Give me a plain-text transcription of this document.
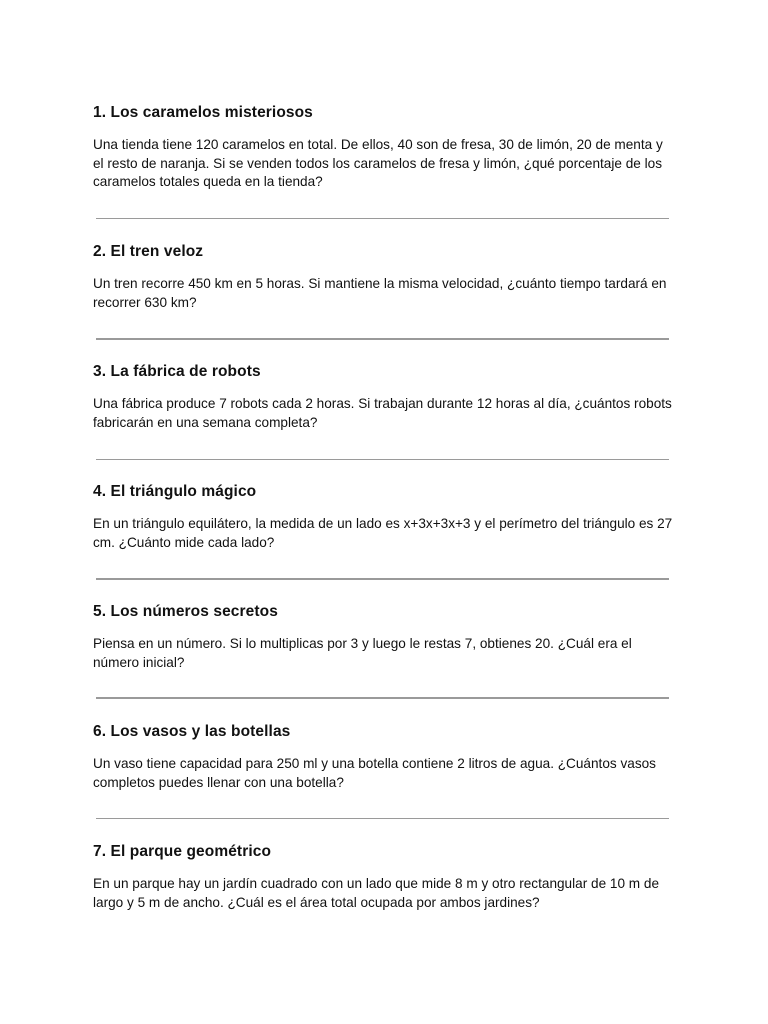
1. Los caramelos misteriosos

Una tienda tiene 120 caramelos en total. De ellos, 40 son de fresa, 30 de limón, 20 de menta y el resto de naranja. Si se venden todos los caramelos de fresa y limón, ¿qué porcentaje de los caramelos totales queda en la tienda?

2. El tren veloz

Un tren recorre 450 km en 5 horas. Si mantiene la misma velocidad, ¿cuánto tiempo tardará en recorrer 630 km?

3. La fábrica de robots

Una fábrica produce 7 robots cada 2 horas. Si trabajan durante 12 horas al día, ¿cuántos robots fabricarán en una semana completa?

4. El triángulo mágico

En un triángulo equilátero, la medida de un lado es x+3x+3x+3 y el perímetro del triángulo es 27 cm. ¿Cuánto mide cada lado?

5. Los números secretos

Piensa en un número. Si lo multiplicas por 3 y luego le restas 7, obtienes 20. ¿Cuál era el número inicial?

6. Los vasos y las botellas

Un vaso tiene capacidad para 250 ml y una botella contiene 2 litros de agua. ¿Cuántos vasos completos puedes llenar con una botella?

7. El parque geométrico

En un parque hay un jardín cuadrado con un lado que mide 8 m y otro rectangular de 10 m de largo y 5 m de ancho. ¿Cuál es el área total ocupada por ambos jardines?
